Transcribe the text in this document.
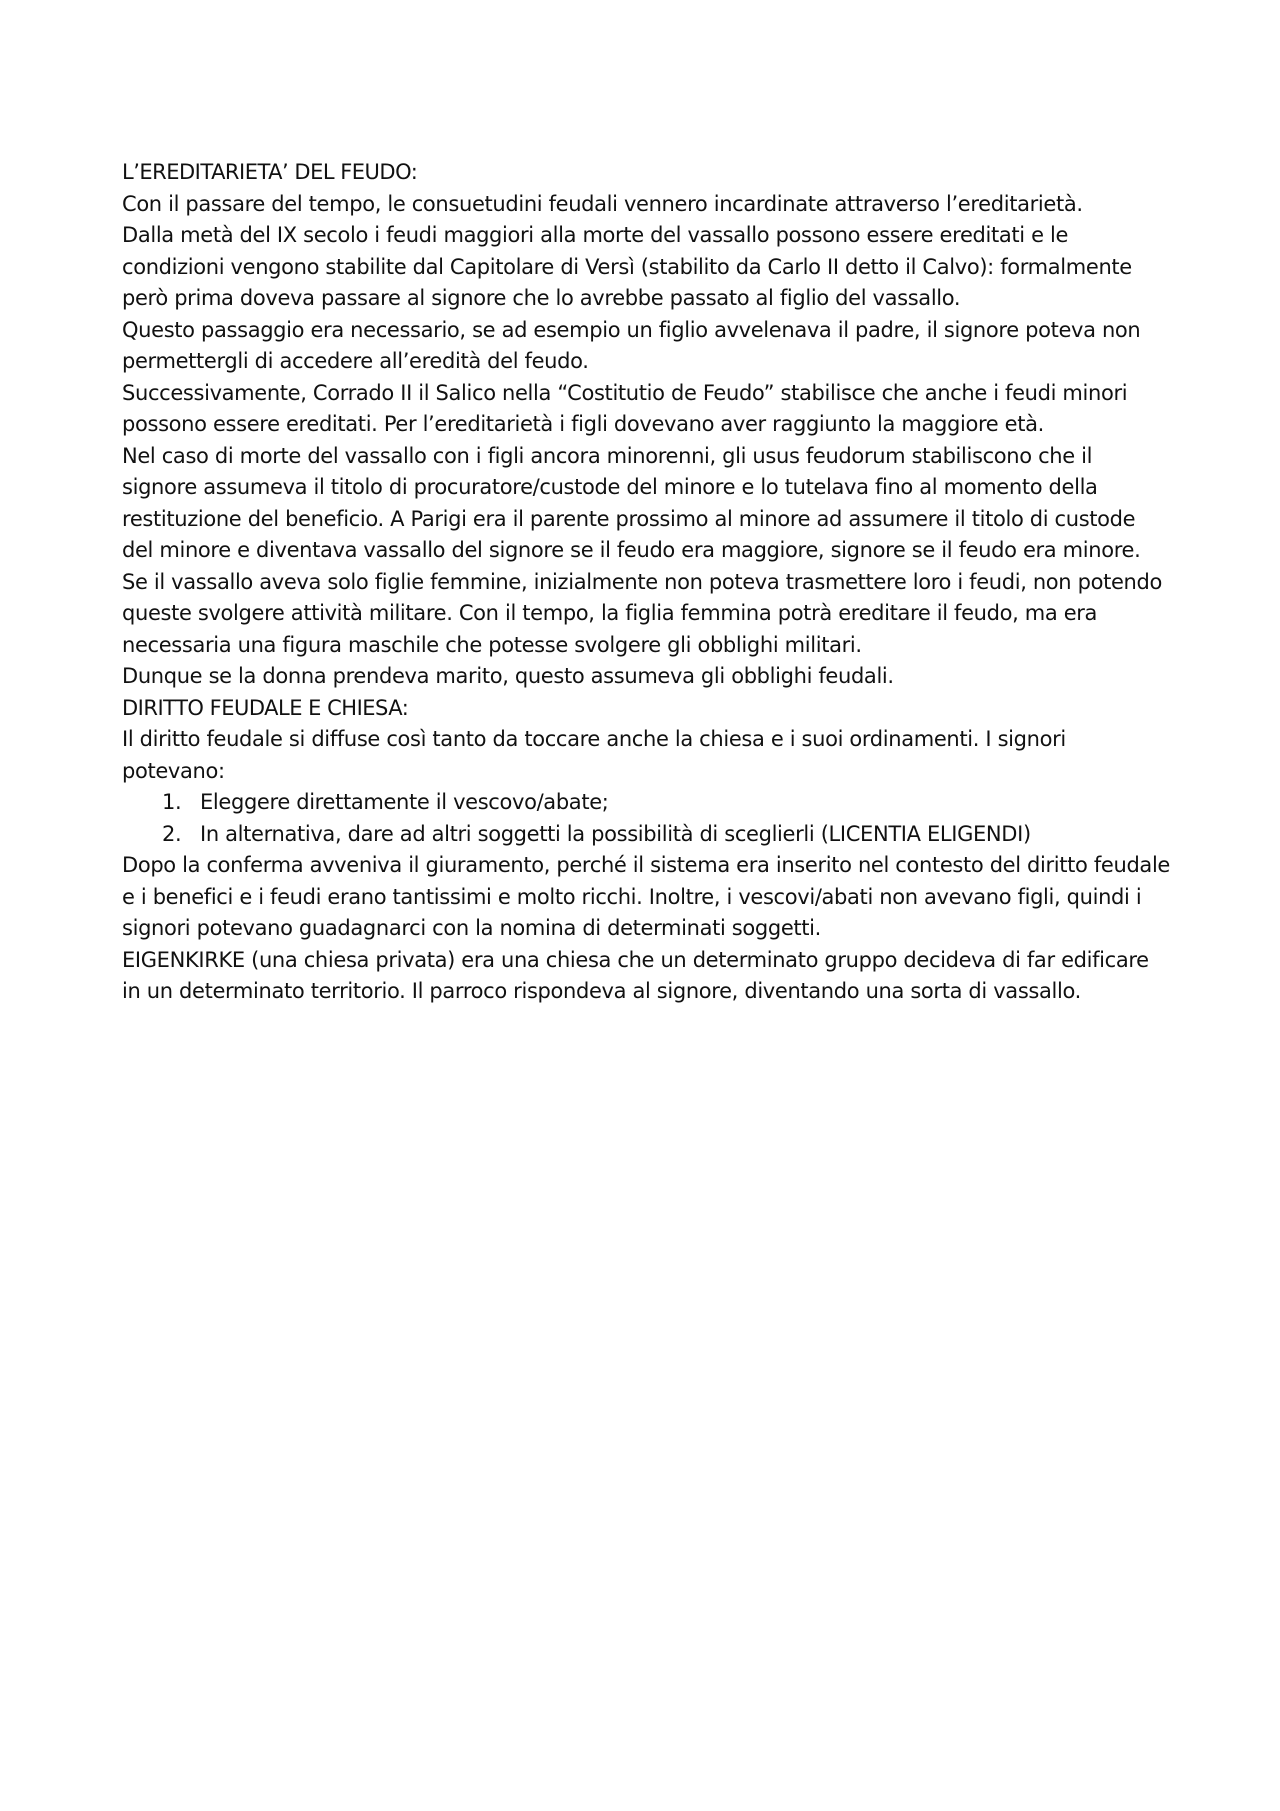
L’EREDITARIETA’ DEL FEUDO:

Con il passare del tempo, le consuetudini feudali vennero incardinate attraverso l’ereditarietà.

Dalla metà del IX secolo i feudi maggiori alla morte del vassallo possono essere ereditati e le condizioni vengono stabilite dal Capitolare di Versì (stabilito da Carlo II detto il Calvo): formalmente però prima doveva passare al signore che lo avrebbe passato al figlio del vassallo.

Questo passaggio era necessario, se ad esempio un figlio avvelenava il padre, il signore poteva non permettergli di accedere all’eredità del feudo.

Successivamente, Corrado II il Salico nella “Costitutio de Feudo” stabilisce che anche i feudi minori possono essere ereditati. Per l’ereditarietà i figli dovevano aver raggiunto la maggiore età.

Nel caso di morte del vassallo con i figli ancora minorenni, gli usus feudorum stabiliscono che il signore assumeva il titolo di procuratore/custode del minore e lo tutelava fino al momento della restituzione del beneficio. A Parigi era il parente prossimo al minore ad assumere il titolo di custode del minore e diventava vassallo del signore se il feudo era maggiore, signore se il feudo era minore. Se il vassallo aveva solo figlie femmine, inizialmente non poteva trasmettere loro i feudi, non potendo queste svolgere attività militare. Con il tempo, la figlia femmina potrà ereditare il feudo, ma era necessaria una figura maschile che potesse svolgere gli obblighi militari.

Dunque se la donna prendeva marito, questo assumeva gli obblighi feudali.

DIRITTO FEUDALE E CHIESA:

Il diritto feudale si diffuse così tanto da toccare anche la chiesa e i suoi ordinamenti. I signori potevano:

1. Eleggere direttamente il vescovo/abate;
2. In alternativa, dare ad altri soggetti la possibilità di sceglierli (LICENTIA ELIGENDI)

Dopo la conferma avveniva il giuramento, perché il sistema era inserito nel contesto del diritto feudale e i benefici e i feudi erano tantissimi e molto ricchi. Inoltre, i vescovi/abati non avevano figli, quindi i signori potevano guadagnarci con la nomina di determinati soggetti.

EIGENKIRKE (una chiesa privata) era una chiesa che un determinato gruppo decideva di far edificare in un determinato territorio. Il parroco rispondeva al signore, diventando una sorta di vassallo.
